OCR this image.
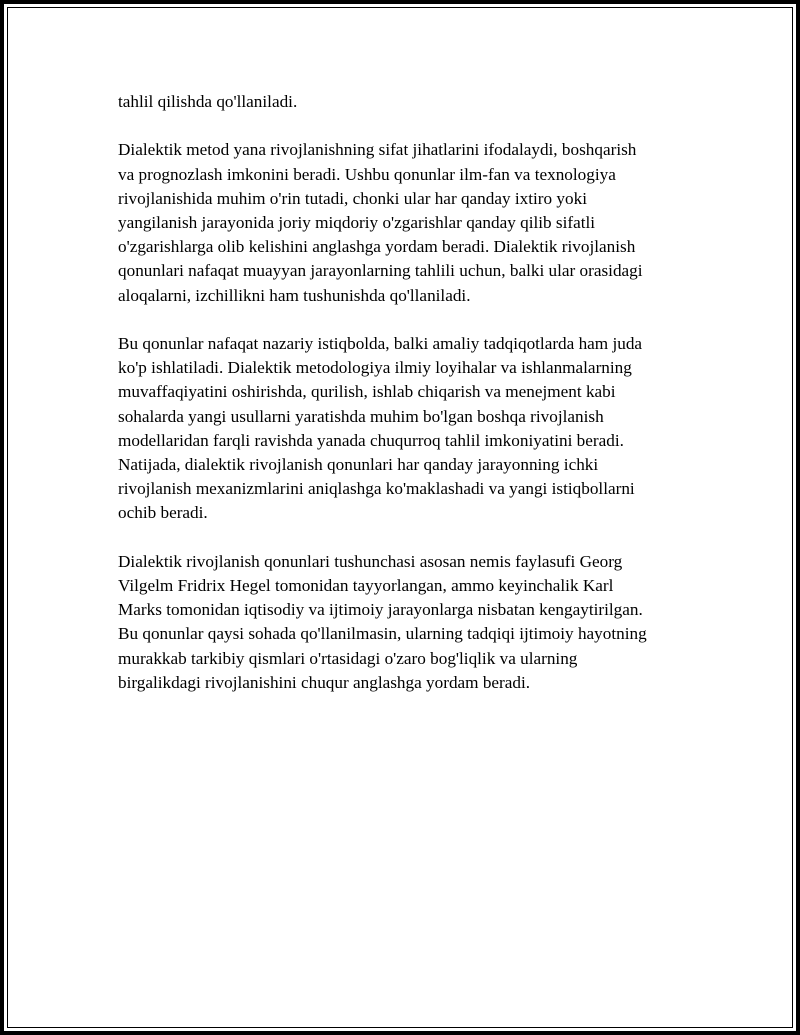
tahlil qilishda qo'llaniladi.

Dialektik metod yana rivojlanishning sifat jihatlarini ifodalaydi, boshqarish
va prognozlash imkonini beradi. Ushbu qonunlar ilm-fan va texnologiya
rivojlanishida muhim o'rin tutadi, chonki ular har qanday ixtiro yoki
yangilanish jarayonida joriy miqdoriy o'zgarishlar qanday qilib sifatli
o'zgarishlarga olib kelishini anglashga yordam beradi. Dialektik rivojlanish
qonunlari nafaqat muayyan jarayonlarning tahlili uchun, balki ular orasidagi
aloqalarni, izchillikni ham tushunishda qo'llaniladi.

Bu qonunlar nafaqat nazariy istiqbolda, balki amaliy tadqiqotlarda ham juda
ko'p ishlatiladi. Dialektik metodologiya ilmiy loyihalar va ishlanmalarning
muvaffaqiyatini oshirishda, qurilish, ishlab chiqarish va menejment kabi
sohalarda yangi usullarni yaratishda muhim bo'lgan boshqa rivojlanish
modellaridan farqli ravishda yanada chuqurroq tahlil imkoniyatini beradi.
Natijada, dialektik rivojlanish qonunlari har qanday jarayonning ichki
rivojlanish mexanizmlarini aniqlashga ko'maklashadi va yangi istiqbollarni
ochib beradi.

Dialektik rivojlanish qonunlari tushunchasi asosan nemis faylasufi Georg
Vilgelm Fridrix Hegel tomonidan tayyorlangan, ammo keyinchalik Karl
Marks tomonidan iqtisodiy va ijtimoiy jarayonlarga nisbatan kengaytirilgan.
Bu qonunlar qaysi sohada qo'llanilmasin, ularning tadqiqi ijtimoiy hayotning
murakkab tarkibiy qismlari o'rtasidagi o'zaro bog'liqlik va ularning
birgalikdagi rivojlanishini chuqur anglashga yordam beradi.
